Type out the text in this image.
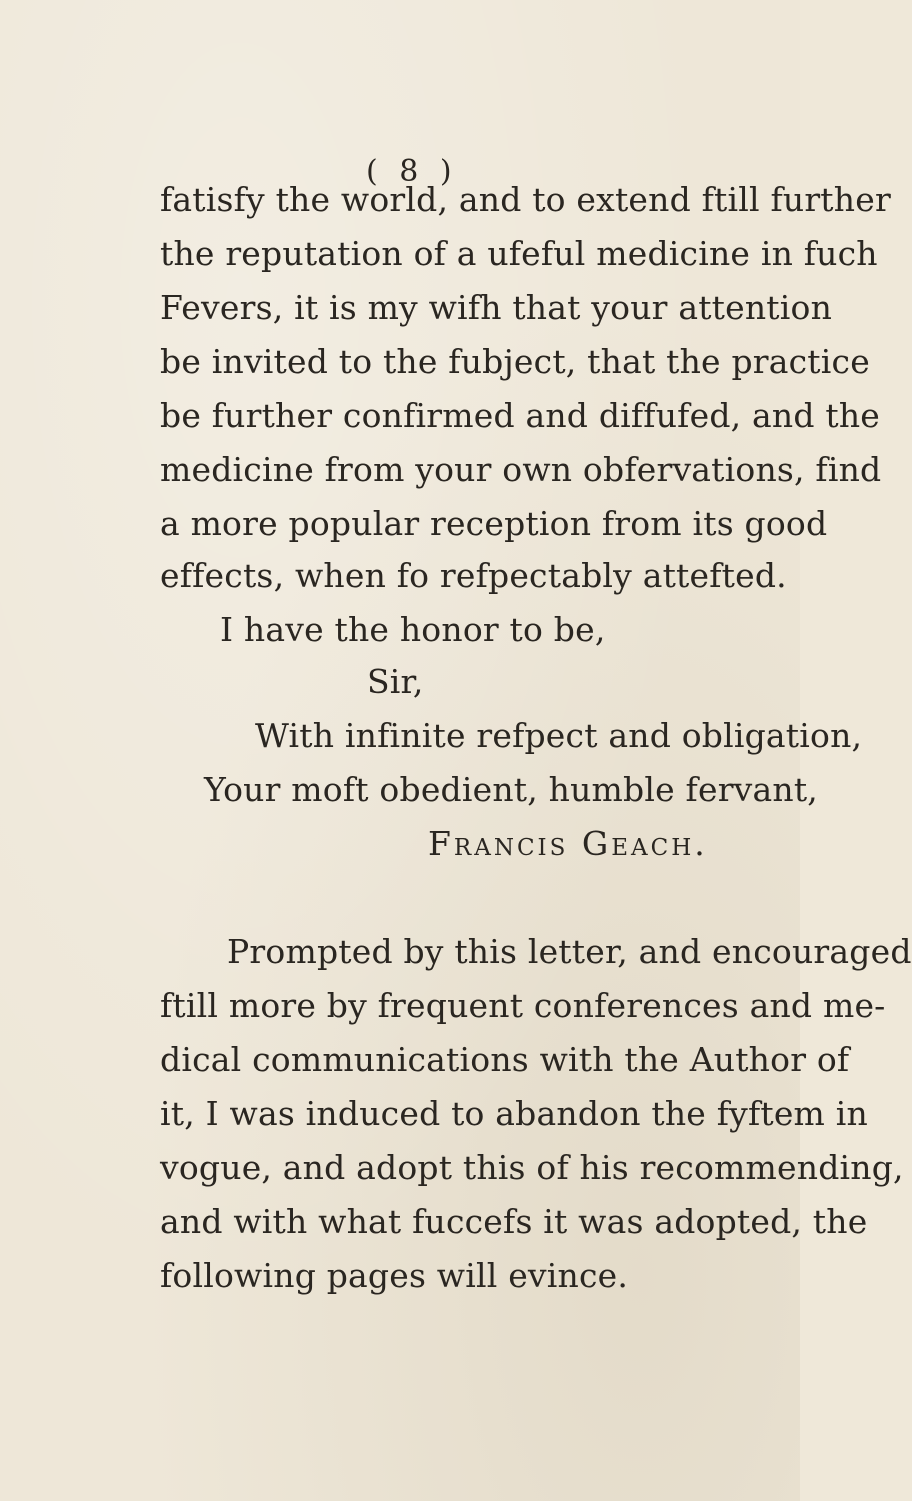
( 8 )
fatisfy the world, and to extend ftill further
the reputation of a ufeful medicine in fuch
Fevers, it is my wifh that your attention
be invited to the fubject, that the practice
be further confirmed and diffufed, and the
medicine from your own obfervations, find
a more popular reception from its good
effects, when fo refpectably attefted.
I have the honor to be,
Sir,
With infinite refpect and obligation,
Your moft obedient, humble fervant,
Francis Geach.
Prompted by this letter, and encouraged
ftill more by frequent conferences and me-
dical communications with the Author of
it, I was induced to abandon the fyftem in
vogue, and adopt this of his recommending,
and with what fuccefs it was adopted, the
following pages will evince.
